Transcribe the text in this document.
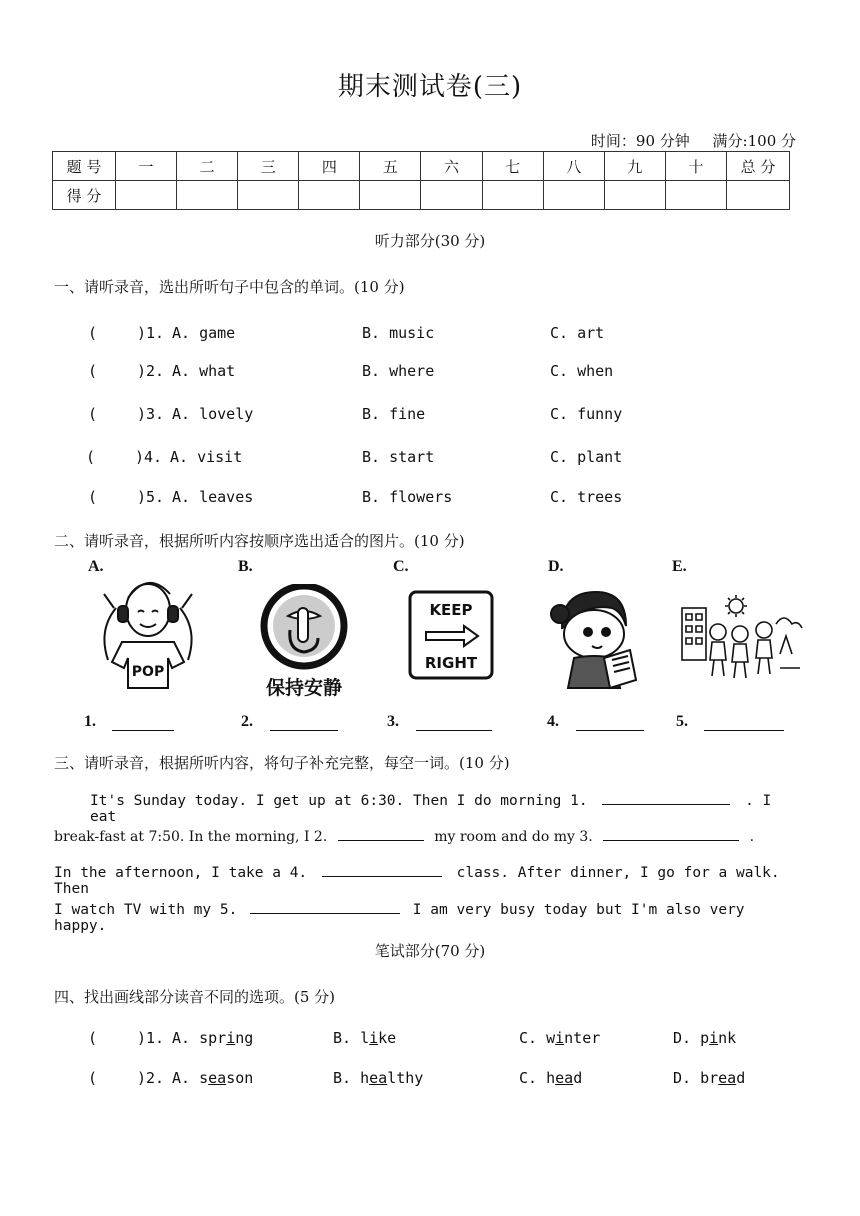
期末测试卷(三)
时间：90 分钟 满分:100 分
题 号	一	二	三	四	五	六	七	八	九	十	总 分
得 分											
听力部分(30 分)
一、请听录音，选出所听句子中包含的单词。(10 分)
(	)1. A. game	B. music	C. art
(	)2. A. what	B. where	C. when
(	)3. A. lovely	B. fine	C. funny
(	)4. A. visit	B. start	C. plant
(	)5. A. leaves	B. flowers	C. trees
二、请听录音，根据所听内容按顺序选出适合的图片。(10 分)
A.	B.	C.	D.	E.
POP
保持安静
KEEP
RIGHT
1.	2.	3.	4.	5.
三、请听录音，根据所听内容，将句子补充完整，每空一词。(10 分)
It's Sunday today. I get up at 6:30. Then I do morning 1.	. I eat
break-fast at 7:50. In the morning, I 2.	my room and do my 3.	.
In the afternoon, I take a 4.	class. After dinner, I go for a walk. Then
I watch TV with my 5.	I am very busy today but I'm also very happy.
笔试部分(70 分)
四、找出画线部分读音不同的选项。(5 分)
(	)1. A. spring	B. like	C. winter	D. pink
(	)2. A. season	B. healthy	C. head	D. bread
